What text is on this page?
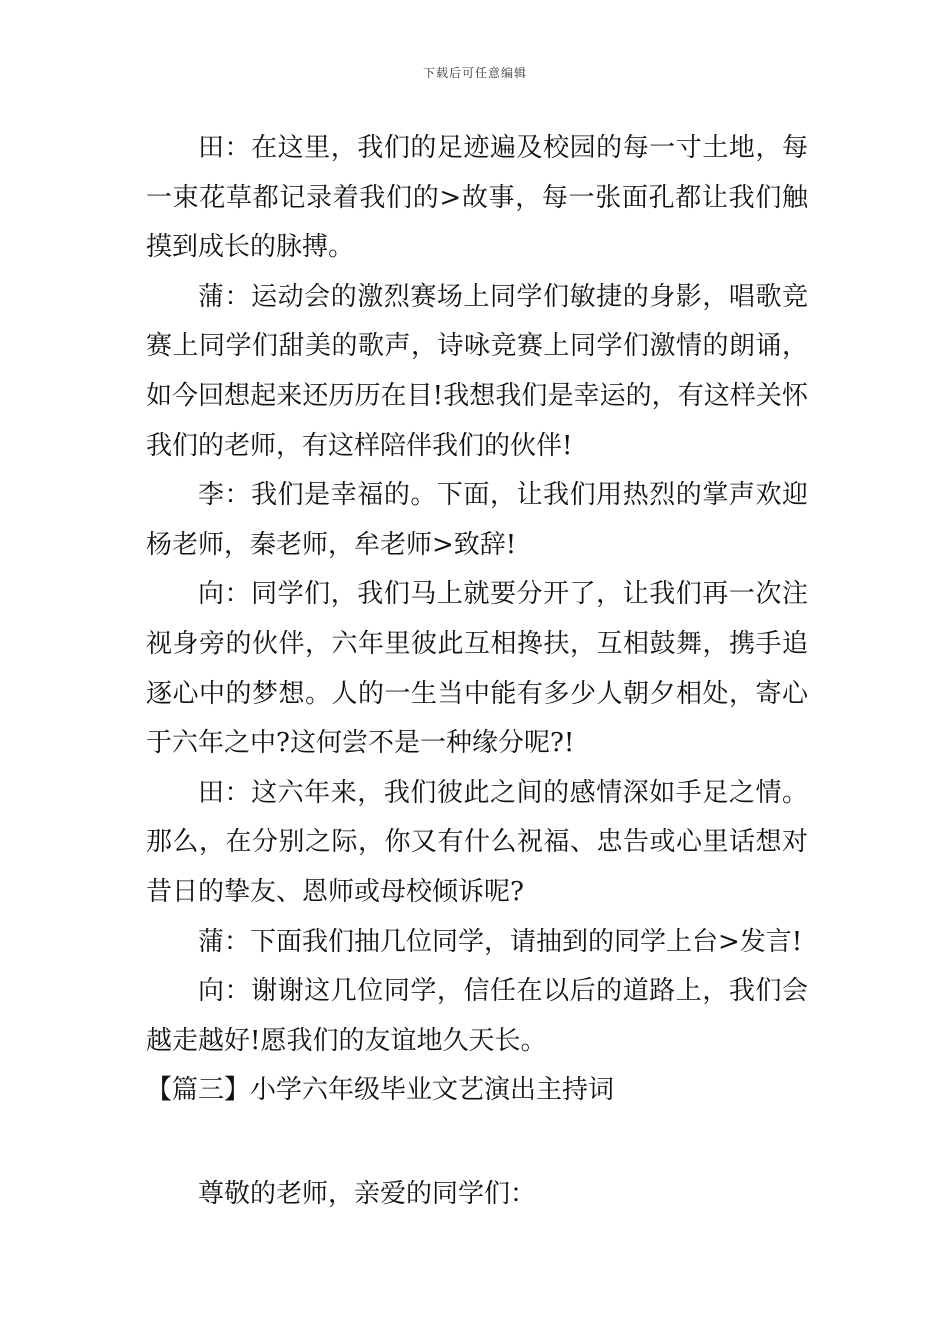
下载后可任意编辑

田：在这里，我们的足迹遍及校园的每一寸土地，每一束花草都记录着我们的>故事，每一张面孔都让我们触摸到成长的脉搏。

蒲：运动会的激烈赛场上同学们敏捷的身影，唱歌竞赛上同学们甜美的歌声，诗咏竞赛上同学们激情的朗诵，如今回想起来还历历在目!我想我们是幸运的，有这样关怀我们的老师，有这样陪伴我们的伙伴!

李：我们是幸福的。下面，让我们用热烈的掌声欢迎杨老师，秦老师，牟老师>致辞!

向：同学们，我们马上就要分开了，让我们再一次注视身旁的伙伴，六年里彼此互相搀扶，互相鼓舞，携手追逐心中的梦想。人的一生当中能有多少人朝夕相处，寄心于六年之中?这何尝不是一种缘分呢?!

田：这六年来，我们彼此之间的感情深如手足之情。那么，在分别之际，你又有什么祝福、忠告或心里话想对昔日的挚友、恩师或母校倾诉呢?

蒲：下面我们抽几位同学，请抽到的同学上台>发言!

向：谢谢这几位同学，信任在以后的道路上，我们会越走越好!愿我们的友谊地久天长。

【篇三】小学六年级毕业文艺演出主持词

尊敬的老师，亲爱的同学们：
